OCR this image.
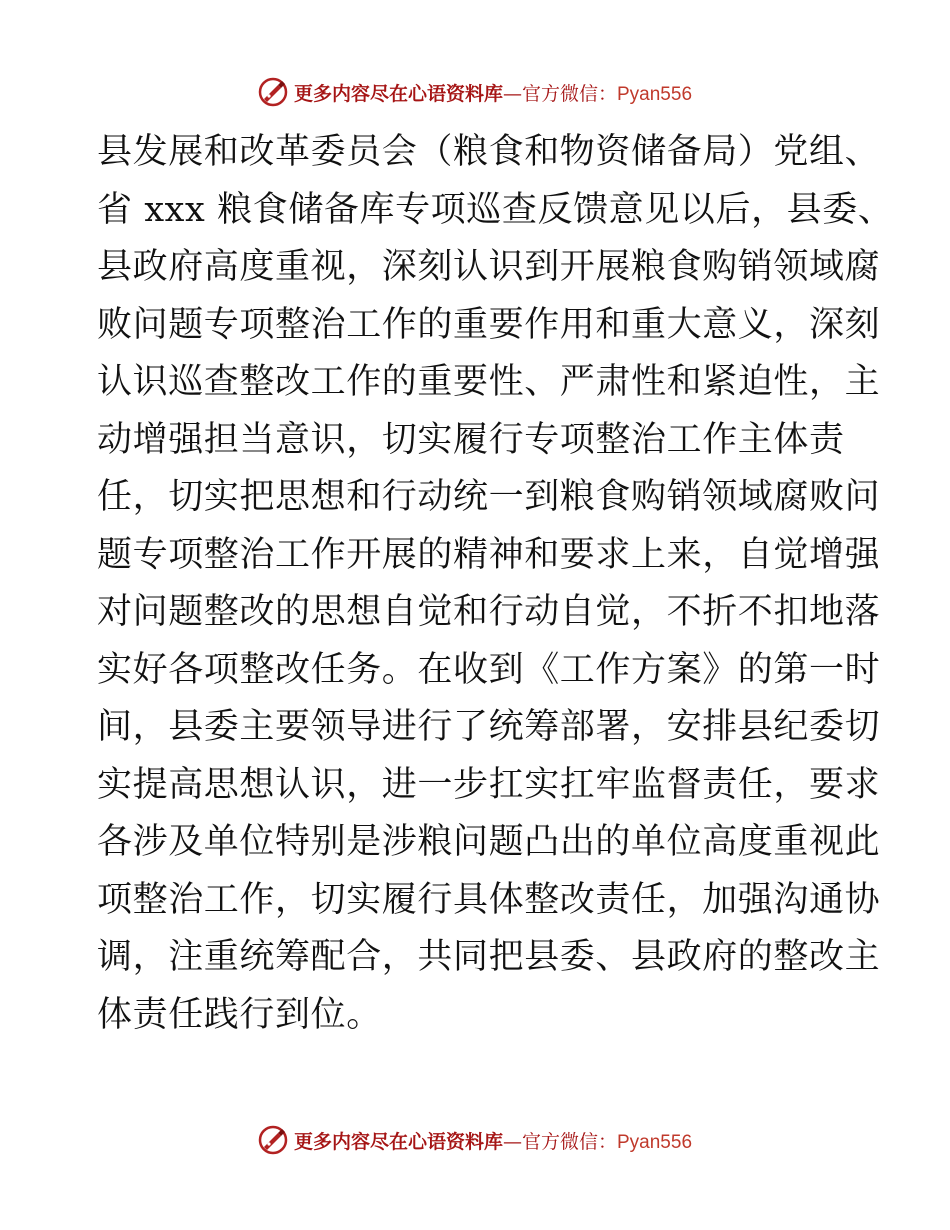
更多内容尽在心语资料库—官方微信：Pyan556
县发展和改革委员会（粮食和物资储备局）党组、
省 xxx 粮食储备库专项巡查反馈意见以后，县委、
县政府高度重视，深刻认识到开展粮食购销领域腐
败问题专项整治工作的重要作用和重大意义，深刻
认识巡查整改工作的重要性、严肃性和紧迫性，主
动增强担当意识，切实履行专项整治工作主体责
任，切实把思想和行动统一到粮食购销领域腐败问
题专项整治工作开展的精神和要求上来，自觉增强
对问题整改的思想自觉和行动自觉，不折不扣地落
实好各项整改任务。在收到《工作方案》的第一时
间，县委主要领导进行了统筹部署，安排县纪委切
实提高思想认识，进一步扛实扛牢监督责任，要求
各涉及单位特别是涉粮问题凸出的单位高度重视此
项整治工作，切实履行具体整改责任，加强沟通协
调，注重统筹配合，共同把县委、县政府的整改主
体责任践行到位。
更多内容尽在心语资料库—官方微信：Pyan556
